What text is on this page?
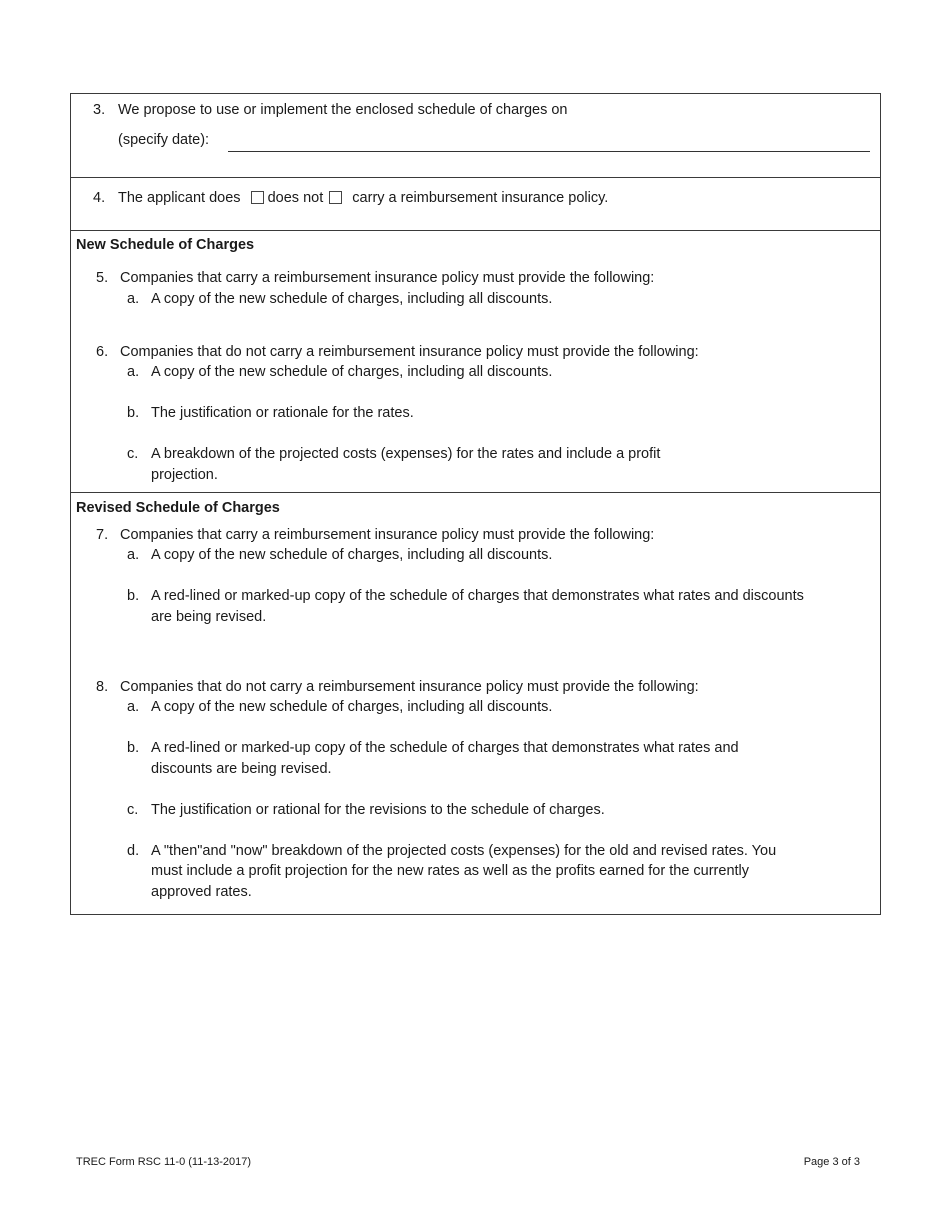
3. We propose to use or implement the enclosed schedule of charges on
(specify date):
4. The applicant does does not carry a reimbursement insurance policy.
New Schedule of Charges
5. Companies that carry a reimbursement insurance policy must provide the following:
a. A copy of the new schedule of charges, including all discounts.
6. Companies that do not carry a reimbursement insurance policy must provide the following:
a. A copy of the new schedule of charges, including all discounts.
b. The justification or rationale for the rates.
c. A breakdown of the projected costs (expenses) for the rates and include a profit
projection.
Revised Schedule of Charges
7. Companies that carry a reimbursement insurance policy must provide the following:
a. A copy of the new schedule of charges, including all discounts.
b. A red-lined or marked-up copy of the schedule of charges that demonstrates what rates and discounts
are being revised.
8. Companies that do not carry a reimbursement insurance policy must provide the following:
a. A copy of the new schedule of charges, including all discounts.
b. A red-lined or marked-up copy of the schedule of charges that demonstrates what rates and
discounts are being revised.
c. The justification or rational for the revisions to the schedule of charges.
d. A "then"and "now" breakdown of the projected costs (expenses) for the old and revised rates. You
must include a profit projection for the new rates as well as the profits earned for the currently
approved rates.
TREC Form RSC 11-0 (11-13-2017)	Page 3 of 3
